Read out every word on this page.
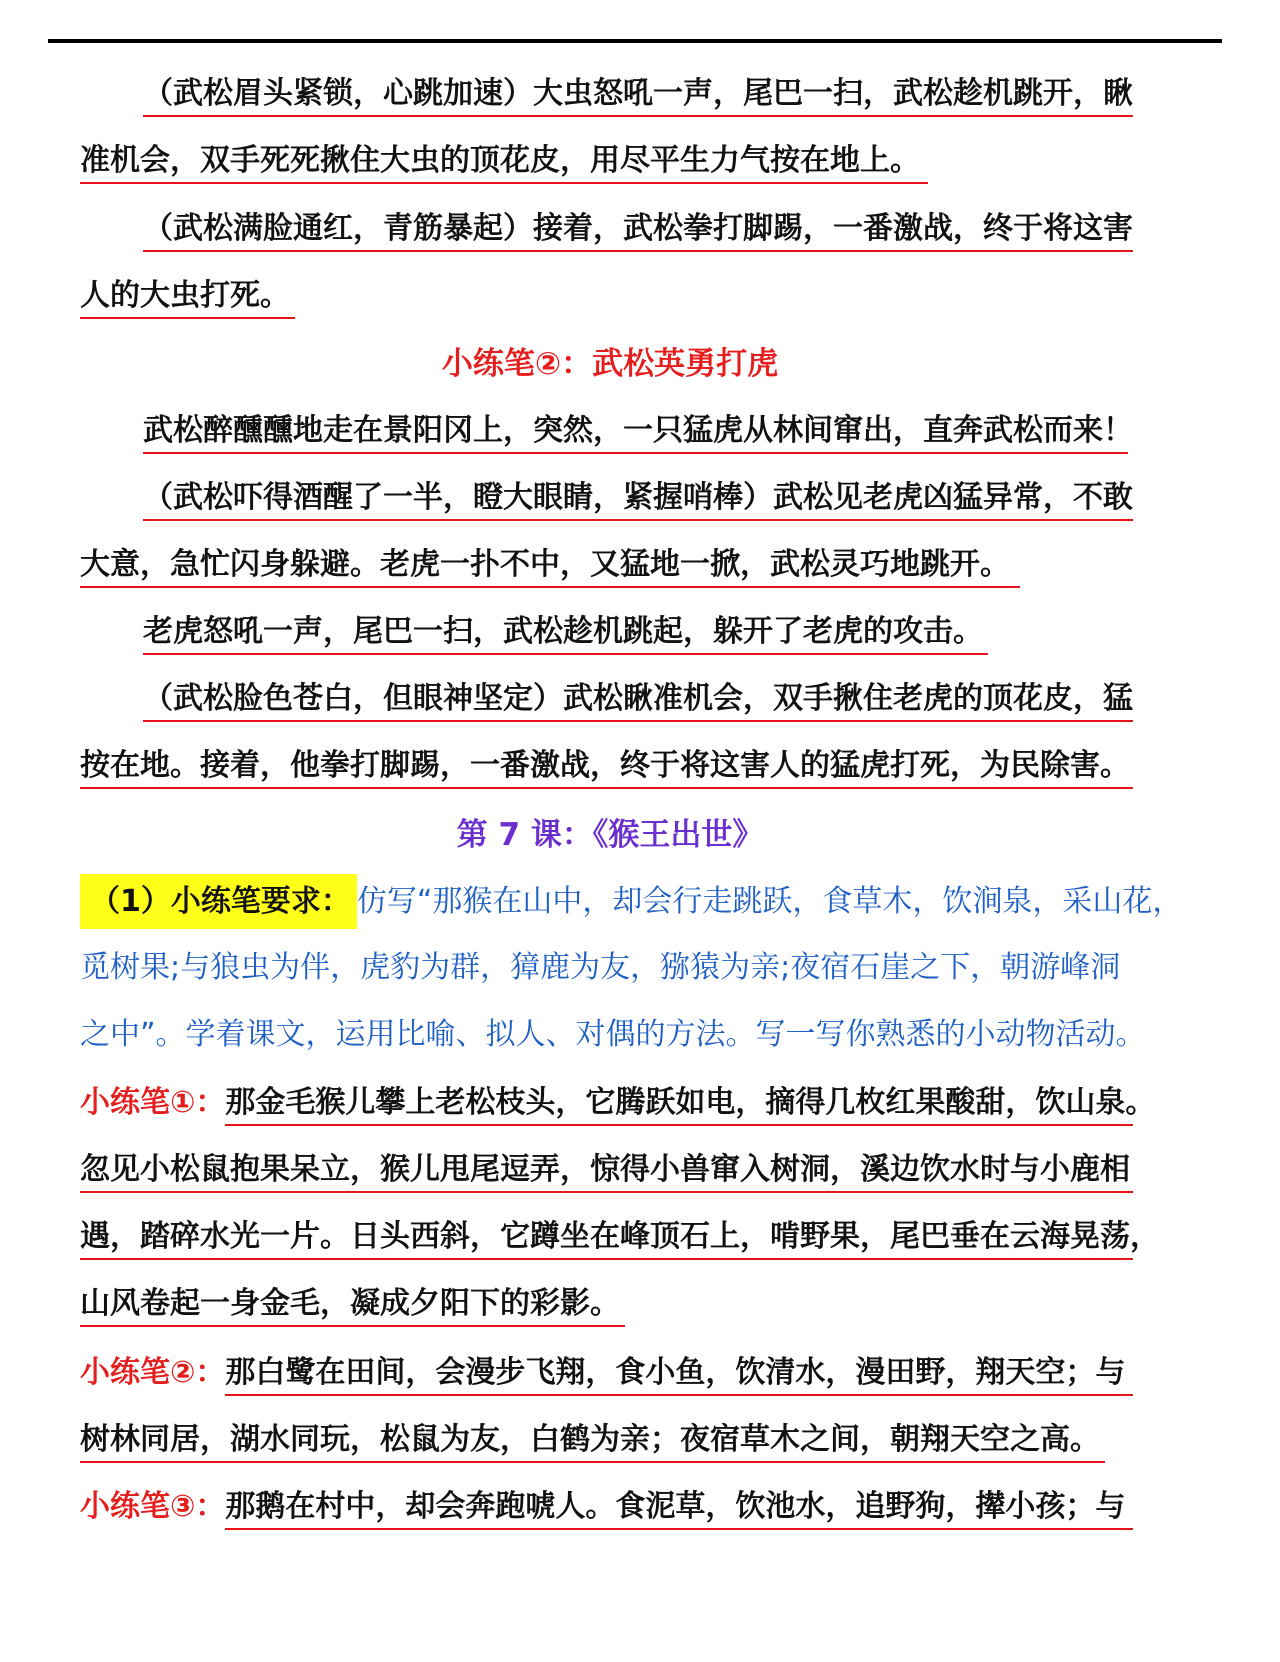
（武松眉头紧锁，心跳加速）大虫怒吼一声，尾巴一扫，武松趁机跳开，瞅
准机会，双手死死揪住大虫的顶花皮，用尽平生力气按在地上。
（武松满脸通红，青筋暴起）接着，武松拳打脚踢，一番激战，终于将这害
人的大虫打死。
小练笔②：武松英勇打虎
武松醉醺醺地走在景阳冈上，突然，一只猛虎从林间窜出，直奔武松而来！
（武松吓得酒醒了一半，瞪大眼睛，紧握哨棒）武松见老虎凶猛异常，不敢
大意，急忙闪身躲避。老虎一扑不中，又猛地一掀，武松灵巧地跳开。
老虎怒吼一声，尾巴一扫，武松趁机跳起，躲开了老虎的攻击。
（武松脸色苍白，但眼神坚定）武松瞅准机会，双手揪住老虎的顶花皮，猛
按在地。接着，他拳打脚踢，一番激战，终于将这害人的猛虎打死，为民除害。
第 7 课：《猴王出世》
（1）小练笔要求： 仿写“那猴在山中，却会行走跳跃，食草木，饮涧泉，采山花，
觅树果;与狼虫为伴，虎豹为群，獐鹿为友，猕猿为亲;夜宿石崖之下，朝游峰洞
之中”。学着课文，运用比喻、拟人、对偶的方法。写一写你熟悉的小动物活动。
小练笔①：那金毛猴儿攀上老松枝头，它腾跃如电，摘得几枚红果酸甜，饮山泉。
忽见小松鼠抱果呆立，猴儿甩尾逗弄，惊得小兽窜入树洞，溪边饮水时与小鹿相
遇，踏碎水光一片。日头西斜，它蹲坐在峰顶石上，啃野果，尾巴垂在云海晃荡，
山风卷起一身金毛，凝成夕阳下的彩影。
小练笔②：那白鹭在田间，会漫步飞翔，食小鱼，饮清水，漫田野，翔天空；与
树林同居，湖水同玩，松鼠为友，白鹤为亲；夜宿草木之间，朝翔天空之高。
小练笔③：那鹅在村中，却会奔跑唬人。食泥草，饮池水，追野狗，撵小孩；与
